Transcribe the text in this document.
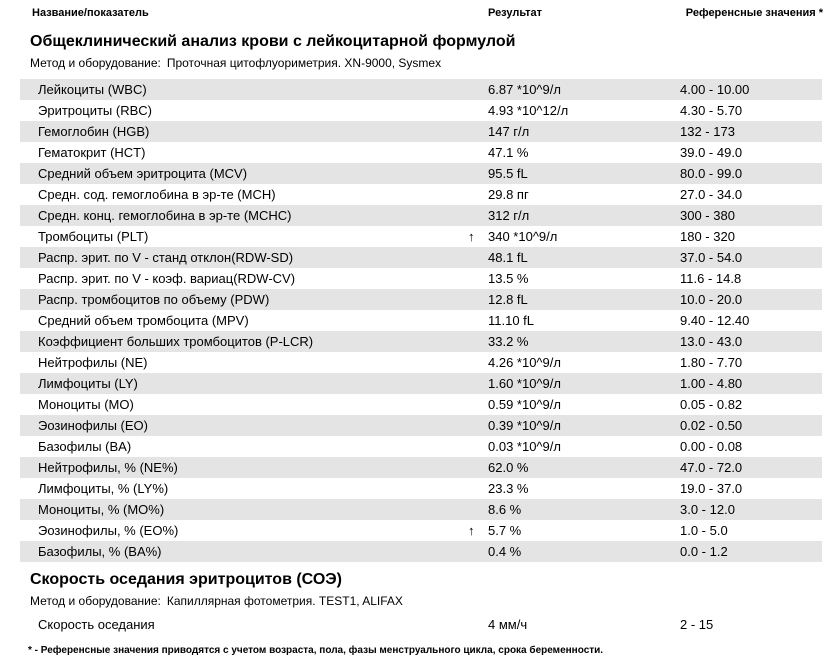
Название/показатель	Результат	Референсные значения *
Общеклинический анализ крови с лейкоцитарной формулой
Метод и оборудование: Проточная цитофлуориметрия. XN-9000, Sysmex
Лейкоциты (WBC)	6.87 *10^9/л	4.00 - 10.00
Эритроциты (RBC)	4.93 *10^12/л	4.30 - 5.70
Гемоглобин (HGB)	147 г/л	132 - 173
Гематокрит (HCT)	47.1 %	39.0 - 49.0
Средний объем эритроцита (MCV)	95.5 fL	80.0 - 99.0
Средн. сод. гемоглобина в эр-те (MCH)	29.8 пг	27.0 - 34.0
Средн. конц. гемоглобина в эр-те (MCHC)	312 г/л	300 - 380
Тромбоциты (PLT)	↑	340 *10^9/л	180 - 320
Распр. эрит. по V - станд отклон(RDW-SD)	48.1 fL	37.0 - 54.0
Распр. эрит. по V - коэф. вариац(RDW-CV)	13.5 %	11.6 - 14.8
Распр. тромбоцитов по объему (PDW)	12.8 fL	10.0 - 20.0
Средний объем тромбоцита (MPV)	11.10 fL	9.40 - 12.40
Коэффициент больших тромбоцитов (P-LCR)	33.2 %	13.0 - 43.0
Нейтрофилы (NE)	4.26 *10^9/л	1.80 - 7.70
Лимфоциты (LY)	1.60 *10^9/л	1.00 - 4.80
Моноциты (MO)	0.59 *10^9/л	0.05 - 0.82
Эозинофилы (EO)	0.39 *10^9/л	0.02 - 0.50
Базофилы (BA)	0.03 *10^9/л	0.00 - 0.08
Нейтрофилы, % (NE%)	62.0 %	47.0 - 72.0
Лимфоциты, % (LY%)	23.3 %	19.0 - 37.0
Моноциты, % (MO%)	8.6 %	3.0 - 12.0
Эозинофилы, % (EO%)	↑	5.7 %	1.0 - 5.0
Базофилы, % (BA%)	0.4 %	0.0 - 1.2
Скорость оседания эритроцитов (СОЭ)
Метод и оборудование: Капиллярная фотометрия. TEST1, ALIFAX
Скорость оседания	4 мм/ч	2 - 15
* - Референсные значения приводятся с учетом возраста, пола, фазы менструального цикла, срока беременности.
